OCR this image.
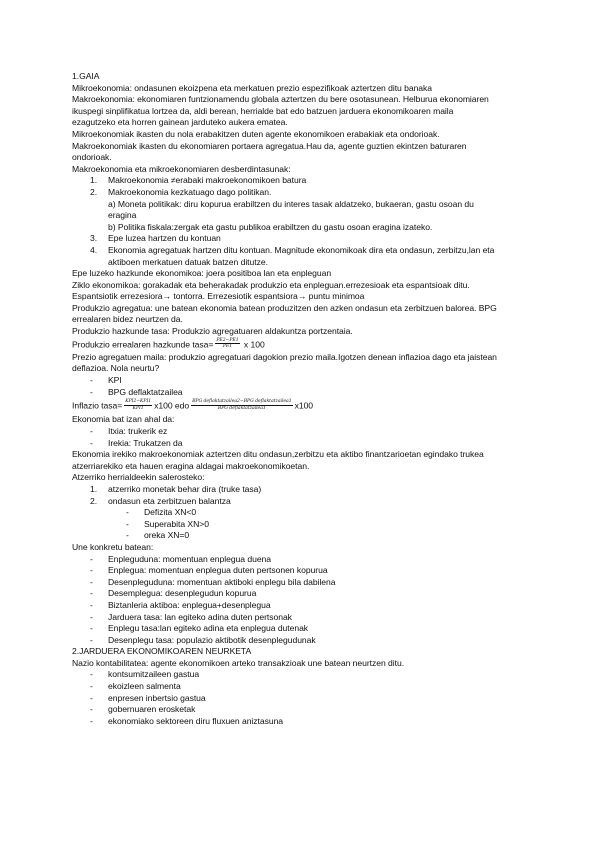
1.GAIA

Mikroekonomia: ondasunen ekoizpena eta merkatuen prezio espezifikoak aztertzen ditu banaka

Makroekonomia: ekonomiaren funtzionamendu globala aztertzen du bere osotasunean. Helburua ekonomiaren
ikuspegi sinplifikatua lortzea da, aldi berean, herrialde bat edo batzuen jarduera ekonomikoaren maila
ezagutzeko eta horren gainean jarduteko aukera ematea.

Mikroekonomiak ikasten du nola erabakitzen duten agente ekonomikoen erabakiak eta ondorioak.

Makroekonomiak ikasten du ekonomiaren portaera agregatua.Hau da, agente guztien ekintzen baturaren
ondorioak.

Makroekonomia eta mikroekonomiaren desberdintasunak:

1. Makroekonomia ≠erabaki makroekonomikoen batura
2. Makroekonomia kezkatuago dago politikan.
a) Moneta politikak: diru kopurua erabiltzen du interes tasak aldatzeko, bukaeran, gastu osoan du
eragina
b) Politika fiskala:zergak eta gastu publikoa erabiltzen du gastu osoan eragina izateko.
3. Epe luzea hartzen du kontuan
4. Ekonomia agregatuak hartzen ditu kontuan. Magnitude ekonomikoak dira eta ondasun, zerbitzu,lan eta
aktiboen merkatuen datuak batzen ditutze.

Epe luzeko hazkunde ekonomikoa: joera positiboa lan eta enpleguan

Ziklo ekonomikoa: gorakadak eta beherakadak produkzio eta enpleguan.errezesioak eta espantsioak ditu.

Espantsiotik errezesiora→ tontorra. Errezesiotik espantsiora→ puntu minimoa

Produkzio agregatua: une batean ekonomia batean produzitzen den azken ondasun eta zerbitzuen balorea. BPG
errealaren bidez neurtzen da.

Produkzio hazkunde tasa: Produkzio agregatuaren aldakuntza portzentaia.

Produkzio errealaren hazkunde tasa= $\frac{PE2-PE1}{PE1}$ x 100

Prezio agregatuen maila: produkzio agregatuari dagokion prezio maila.Igotzen denean inflazioa dago eta jaistean
deflazioa. Nola neurtu?

- KPI
- BPG deflaktatzailea

Inflazio tasa= $\frac{\text{KPI2−KPI1}}{\text{KPI1}} x100$ edo $\frac{\text{BPG deflaktatzailea2−BPG deflaktatzailea1}}{\text{BPG deflaktatzailea1}} x100$

Ekonomia bat izan ahal da:

- Itxia: trukerik ez
- Irekia: Trukatzen da

Ekonomia irekiko makroekonomiak aztertzen ditu ondasun,zerbitzu eta aktibo finantzarioetan egindako trukea
atzerriarekiko eta hauen eragina aldagai makroekonomikoetan.

Atzerriko herrialdeekin salerosteko:

1. atzerriko monetak behar dira (truke tasa)
2. ondasun eta zerbitzuen balantza
- Defizita XN<0
- Superabita XN>0
- oreka XN=0

Une konkretu batean:

- Enpleguduna: momentuan enplegua duena
- Enplegua: momentuan enplegua duten pertsonen kopurua
- Desenpleguduna: momentuan aktiboki enplegu bila dabilena
- Desemplegua: desenplegudun kopurua
- Biztanleria aktiboa: enplegua+desenplegua
- Jarduera tasa: lan egiteko adina duten pertsonak
- Enplegu tasa:lan egiteko adina eta enplegua dutenak
- Desenplegu tasa: populazio aktibotik desenplegudunak

2.JARDUERA EKONOMIKOAREN NEURKETA

Nazio kontabilitatea: agente ekonomikoen arteko transakzioak une batean neurtzen ditu.

- kontsumitzaileen gastua
- ekoizleen salmenta
- enpresen inbertsio gastua
- gobernuaren erosketak
- ekonomiako sektoreen diru fluxuen aniztasuna
